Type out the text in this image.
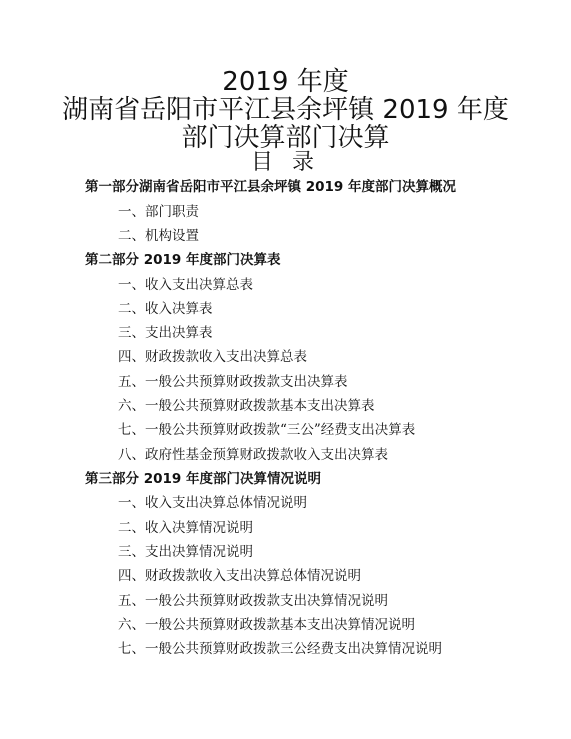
2019 年度
湖南省岳阳市平江县余坪镇 2019 年度
部门决算部门决算
目 录
第一部分湖南省岳阳市平江县余坪镇 2019 年度部门决算概况
一、部门职责
二、机构设置
第二部分 2019 年度部门决算表
一、收入支出决算总表
二、收入决算表
三、支出决算表
四、财政拨款收入支出决算总表
五、一般公共预算财政拨款支出决算表
六、一般公共预算财政拨款基本支出决算表
七、一般公共预算财政拨款“三公”经费支出决算表
八、政府性基金预算财政拨款收入支出决算表
第三部分 2019 年度部门决算情况说明
一、收入支出决算总体情况说明
二、收入决算情况说明
三、支出决算情况说明
四、财政拨款收入支出决算总体情况说明
五、一般公共预算财政拨款支出决算情况说明
六、一般公共预算财政拨款基本支出决算情况说明
七、一般公共预算财政拨款三公经费支出决算情况说明
